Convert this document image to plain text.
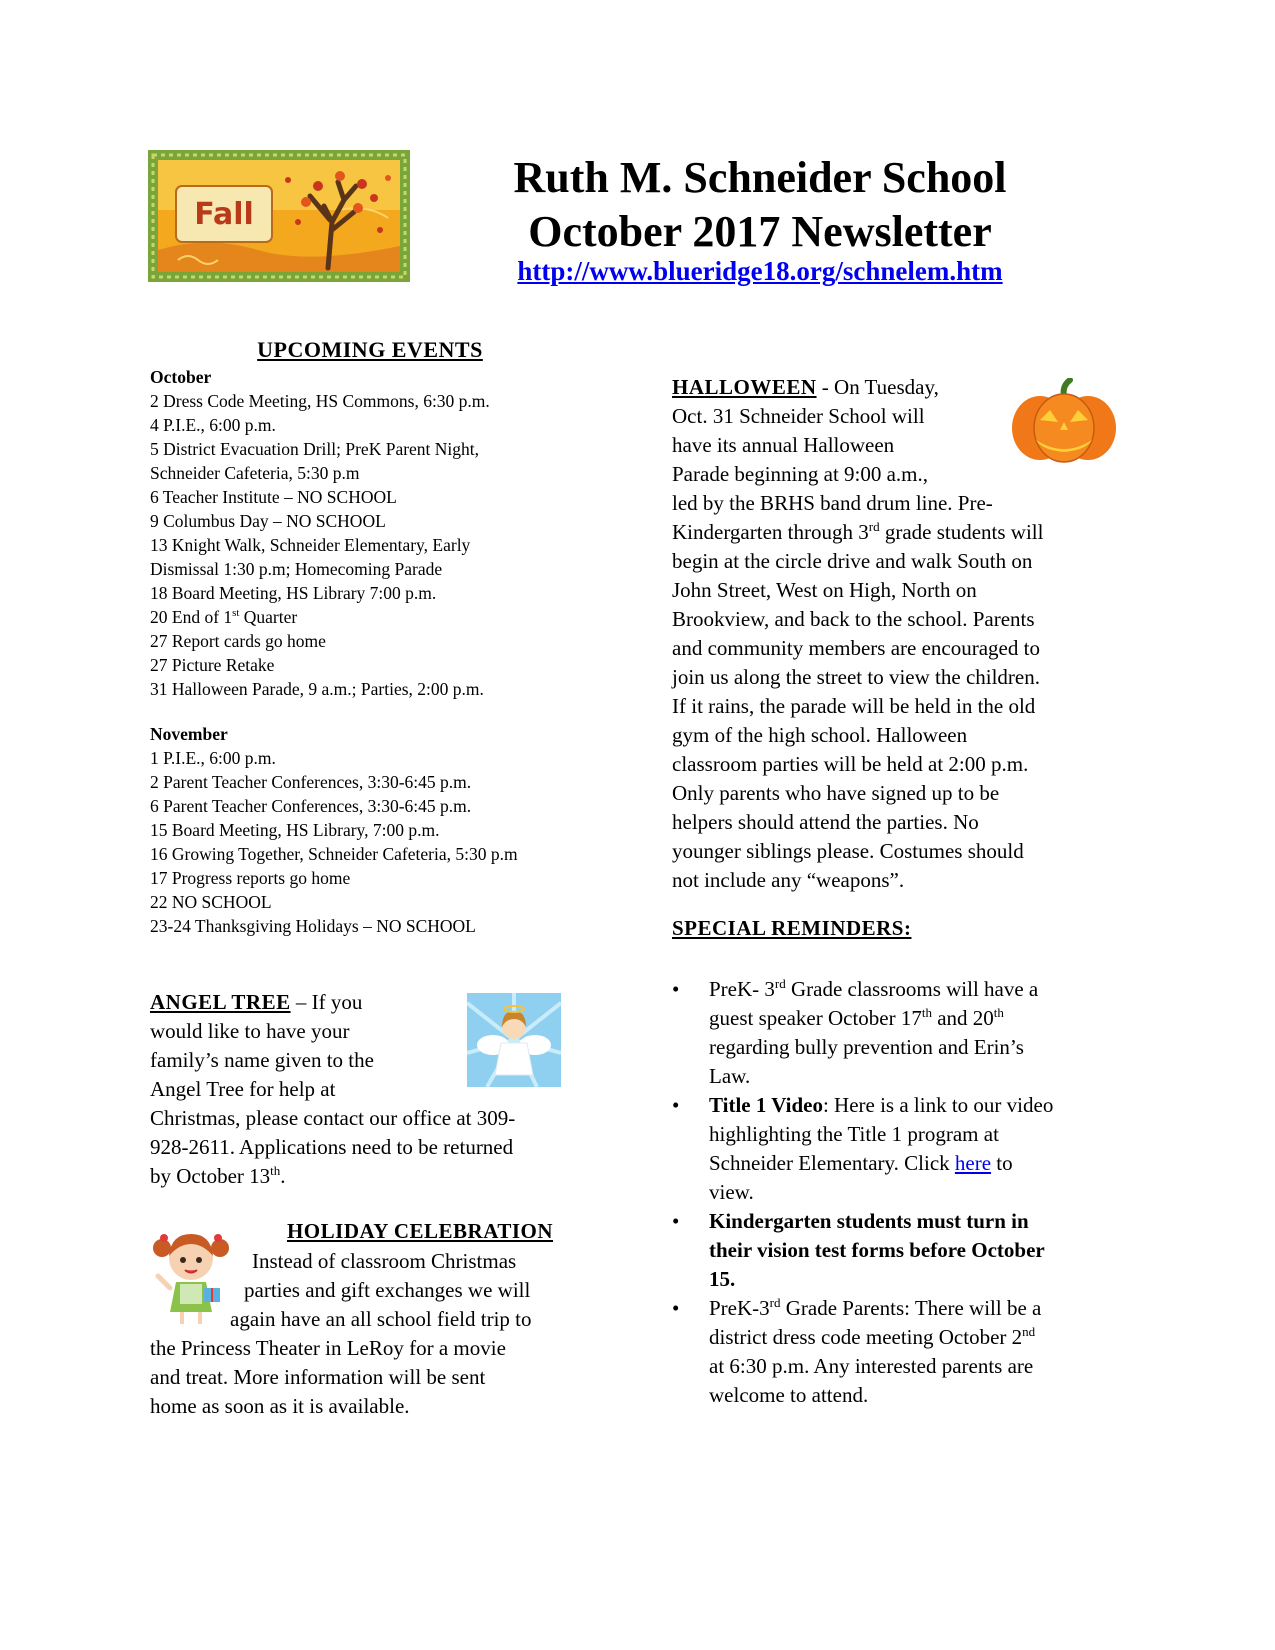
Fall
Ruth M. Schneider School
October 2017 Newsletter
http://www.blueridge18.org/schnelem.htm
UPCOMING EVENTS
October
2 Dress Code Meeting, HS Commons, 6:30 p.m.
4 P.I.E., 6:00 p.m.
5 District Evacuation Drill; PreK Parent Night,
Schneider Cafeteria, 5:30 p.m
6 Teacher Institute – NO SCHOOL
9 Columbus Day – NO SCHOOL
13 Knight Walk, Schneider Elementary, Early
Dismissal 1:30 p.m; Homecoming Parade
18 Board Meeting, HS Library 7:00 p.m.
20 End of 1st Quarter
27 Report cards go home
27 Picture Retake
31 Halloween Parade, 9 a.m.; Parties, 2:00 p.m.
November
1 P.I.E., 6:00 p.m.
2 Parent Teacher Conferences, 3:30-6:45 p.m.
6 Parent Teacher Conferences, 3:30-6:45 p.m.
15 Board Meeting, HS Library, 7:00 p.m.
16 Growing Together, Schneider Cafeteria, 5:30 p.m
17 Progress reports go home
22 NO SCHOOL
23-24 Thanksgiving Holidays – NO SCHOOL
ANGEL TREE – If you
would like to have your
family’s name given to the
Angel Tree for help at
Christmas, please contact our office at 309-
928-2611. Applications need to be returned
by October 13th.
HOLIDAY CELEBRATION
Instead of classroom Christmas
parties and gift exchanges we will
again have an all school field trip to
the Princess Theater in LeRoy for a movie
and treat. More information will be sent
home as soon as it is available.
HALLOWEEN - On Tuesday,
Oct. 31 Schneider School will
have its annual Halloween
Parade beginning at 9:00 a.m.,
led by the BRHS band drum line. Pre-
Kindergarten through 3rd grade students will
begin at the circle drive and walk South on
John Street, West on High, North on
Brookview, and back to the school. Parents
and community members are encouraged to
join us along the street to view the children.
If it rains, the parade will be held in the old
gym of the high school. Halloween
classroom parties will be held at 2:00 p.m.
Only parents who have signed up to be
helpers should attend the parties. No
younger siblings please. Costumes should
not include any “weapons”.
SPECIAL REMINDERS:
• PreK- 3rd Grade classrooms will have a
guest speaker October 17th and 20th
regarding bully prevention and Erin’s
Law.
• Title 1 Video: Here is a link to our video
highlighting the Title 1 program at
Schneider Elementary. Click here to
view.
• Kindergarten students must turn in
their vision test forms before October
15.
• PreK-3rd Grade Parents: There will be a
district dress code meeting October 2nd
at 6:30 p.m. Any interested parents are
welcome to attend.
